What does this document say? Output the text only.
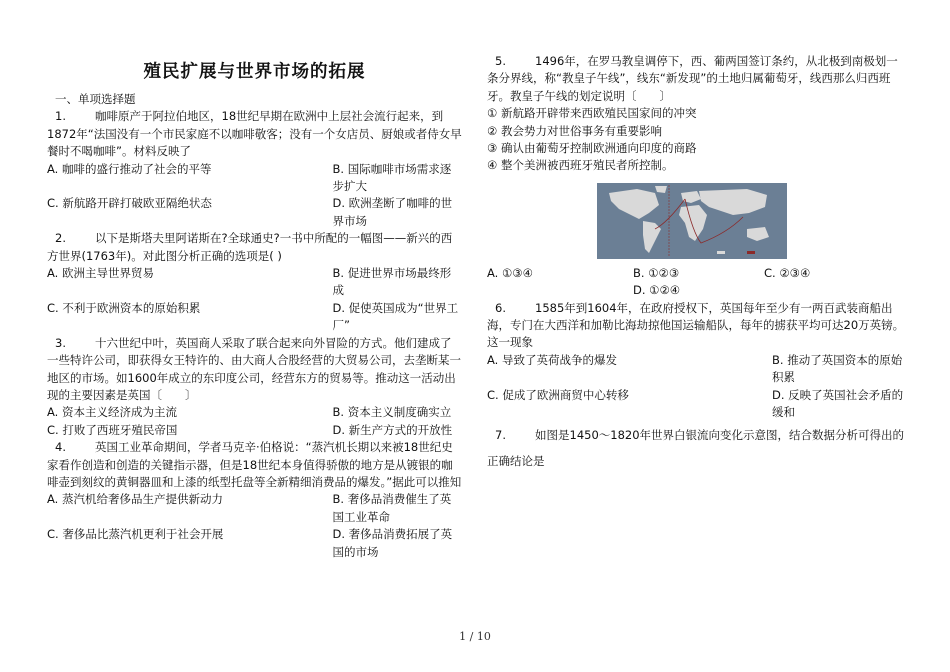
殖民扩展与世界市场的拓展
一、单项选择题

1.	咖啡原产于阿拉伯地区，18世纪早期在欧洲中上层社会流行起来，到1872年“法国没有一个市民家庭不以咖啡敬客；没有一个女店员、厨娘或者侍女早餐时不喝咖啡”。材料反映了

A. 咖啡的盛行推动了社会的平等	B. 国际咖啡市场需求逐步扩大
C. 新航路开辟打破欧亚隔绝状态	D. 欧洲垄断了咖啡的世界市场

2.	以下是斯塔夫里阿诺斯在?全球通史?一书中所配的一幅图——新兴的西方世界(1763年)。对此图分析正确的选项是( )

A. 欧洲主导世界贸易	B. 促进世界市场最终形成
C. 不利于欧洲资本的原始积累	D. 促使英国成为“世界工厂”

3.	十六世纪中叶，英国商人采取了联合起来向外冒险的方式。他们建成了一些特许公司，即获得女王特许的、由大商人合股经营的大贸易公司，去垄断某一地区的市场。如1600年成立的东印度公司，经营东方的贸易等。推动这一活动出现的主要因素是英国〔　　〕

A. 资本主义经济成为主流	B. 资本主义制度确实立
C. 打败了西班牙殖民帝国	D. 新生产方式的开放性

4.	英国工业革命期间，学者马克辛·伯格说：“蒸汽机长期以来被18世纪史家看作创造和创造的关键指示器，但是18世纪本身值得骄傲的地方是从镀银的咖啡壶到刻纹的黄铜器皿和上漆的纸型托盘等全新精细消费品的爆发。”据此可以推知

A. 蒸汽机给奢侈品生产提供新动力	B. 奢侈品消费催生了英国工业革命
C. 奢侈品比蒸汽机更利于社会开展	D. 奢侈品消费拓展了英国的市场

5.	1496年，在罗马教皇调停下，西、葡两国签订条约，从北极到南极划一条分界线，称“教皇子午线”，线东“新发现”的土地归属葡萄牙，线西那么归西班牙。教皇子午线的划定说明〔　　〕

① 新航路开辟带来西欧殖民国家间的冲突

② 教会势力对世俗事务有重要影响

③ 确认由葡萄牙控制欧洲通向印度的商路

④ 整个美洲被西班牙殖民者所控制。

A. ①③④	B. ①②③	C. ②③④
D. ①②④

6.	1585年到1604年，在政府授权下，英国每年至少有一两百武装商船出海，专门在大西洋和加勒比海劫掠他国运输船队，每年的掳获平均可达20万英镑。这一现象

A. 导致了英荷战争的爆发	B. 推动了英国资本的原始积累
C. 促成了欧洲商贸中心转移	D. 反映了英国社会矛盾的缓和

7.	如图是1450～1820年世界白银流向变化示意图，结合数据分析可得出的正确结论是

1 / 10
